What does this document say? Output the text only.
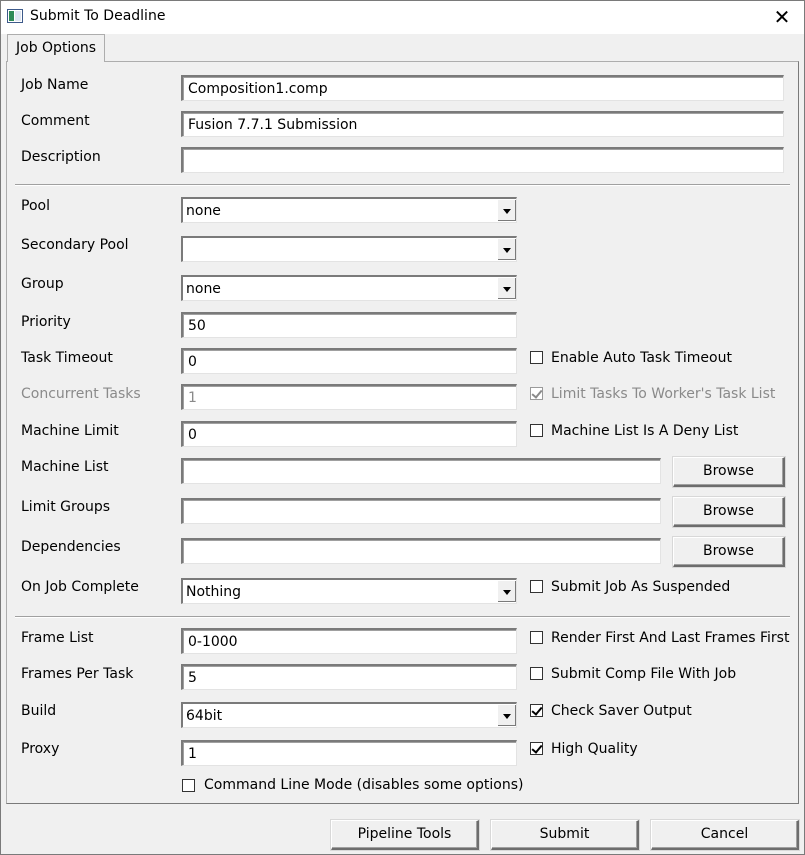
Submit To Deadline	✕
Job Options
Job Name	Composition1.comp
Comment	Fusion 7.7.1 Submission
Description
Pool	none
Secondary Pool
Group	none
Priority	50
Task Timeout	0	Enable Auto Task Timeout
Concurrent Tasks	1	Limit Tasks To Worker's Task List
Machine Limit	0	Machine List Is A Deny List
Machine List	Browse
Limit Groups	Browse
Dependencies	Browse
On Job Complete	Nothing	Submit Job As Suspended
Frame List	0-1000	Render First And Last Frames First
Frames Per Task	5	Submit Comp File With Job
Build	64bit	Check Saver Output
Proxy	1	High Quality
Command Line Mode (disables some options)
Pipeline Tools	Submit	Cancel
